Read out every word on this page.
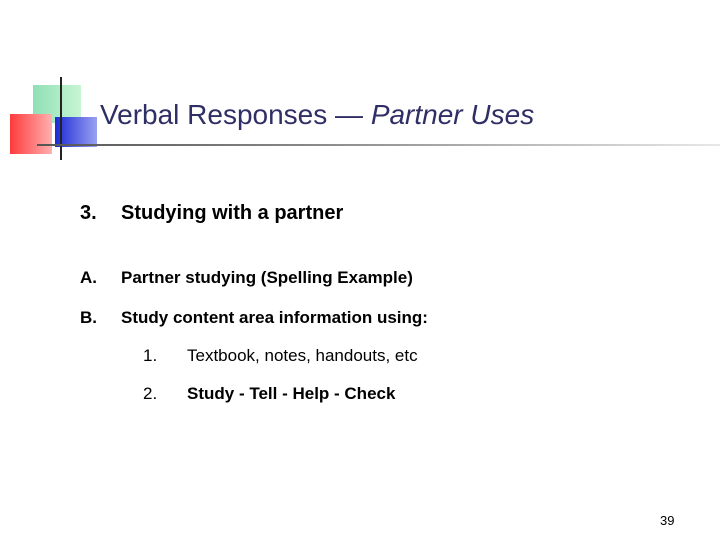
Verbal Responses — Partner Uses
3. Studying with a partner
A. Partner studying (Spelling Example)
B. Study content area information using:
1. Textbook, notes, handouts, etc
2. Study - Tell - Help - Check
39
